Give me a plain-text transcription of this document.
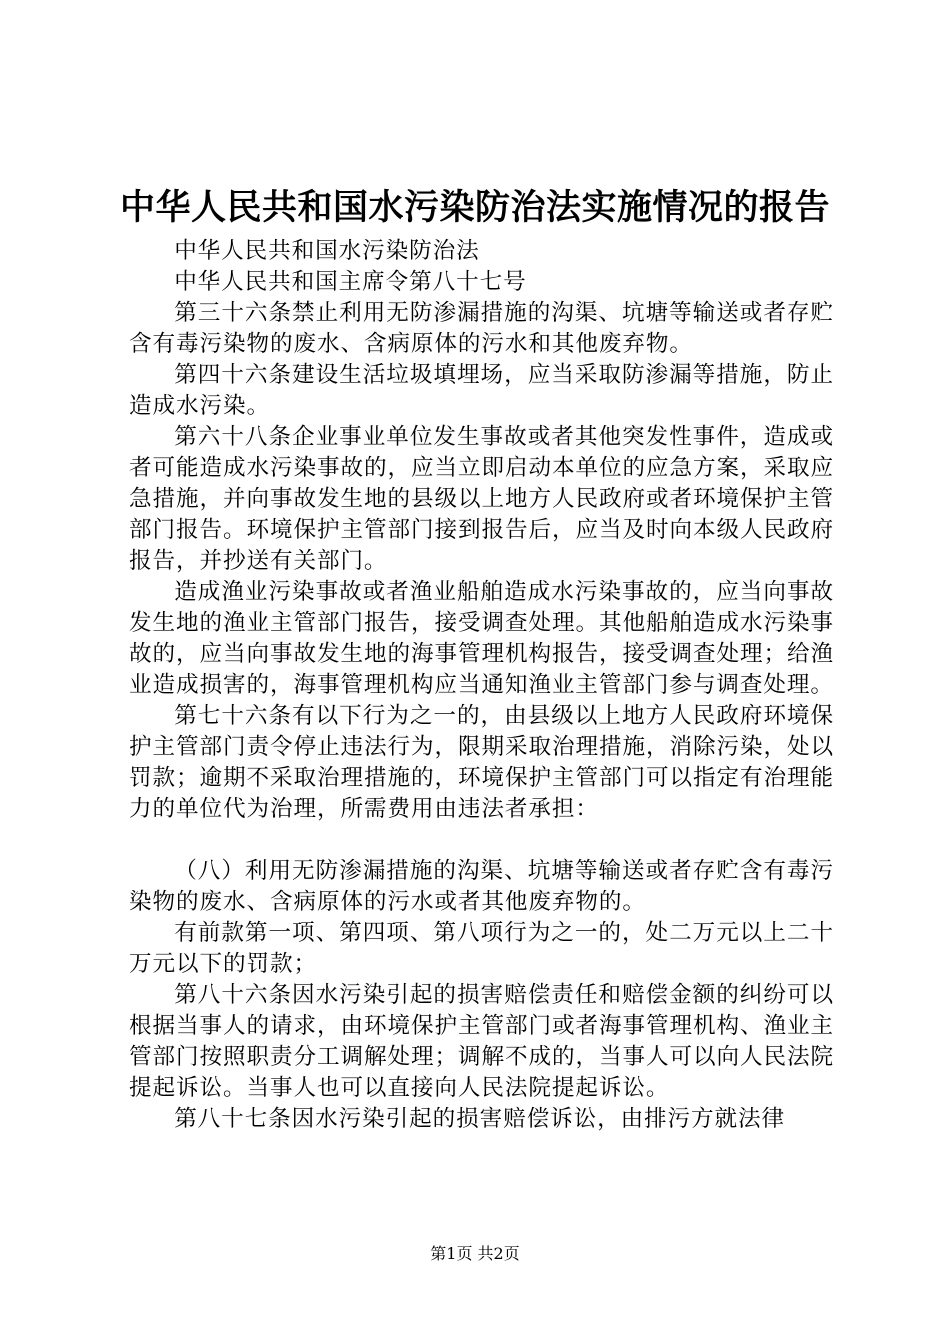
中华人民共和国水污染防治法实施情况的报告

中华人民共和国水污染防治法

中华人民共和国主席令第八十七号

第三十六条禁止利用无防渗漏措施的沟渠、坑塘等输送或者存贮含有毒污染物的废水、含病原体的污水和其他废弃物。

第四十六条建设生活垃圾填埋场，应当采取防渗漏等措施，防止造成水污染。

第六十八条企业事业单位发生事故或者其他突发性事件，造成或者可能造成水污染事故的，应当立即启动本单位的应急方案，采取应急措施，并向事故发生地的县级以上地方人民政府或者环境保护主管部门报告。环境保护主管部门接到报告后，应当及时向本级人民政府报告，并抄送有关部门。

造成渔业污染事故或者渔业船舶造成水污染事故的，应当向事故发生地的渔业主管部门报告，接受调查处理。其他船舶造成水污染事故的，应当向事故发生地的海事管理机构报告，接受调查处理；给渔业造成损害的，海事管理机构应当通知渔业主管部门参与调查处理。

第七十六条有以下行为之一的，由县级以上地方人民政府环境保护主管部门责令停止违法行为，限期采取治理措施，消除污染，处以罚款；逾期不采取治理措施的，环境保护主管部门可以指定有治理能力的单位代为治理，所需费用由违法者承担：

（八）利用无防渗漏措施的沟渠、坑塘等输送或者存贮含有毒污染物的废水、含病原体的污水或者其他废弃物的。

有前款第一项、第四项、第八项行为之一的，处二万元以上二十万元以下的罚款；

第八十六条因水污染引起的损害赔偿责任和赔偿金额的纠纷可以根据当事人的请求，由环境保护主管部门或者海事管理机构、渔业主管部门按照职责分工调解处理；调解不成的，当事人可以向人民法院提起诉讼。当事人也可以直接向人民法院提起诉讼。

第八十七条因水污染引起的损害赔偿诉讼，由排污方就法律

第1页 共2页
